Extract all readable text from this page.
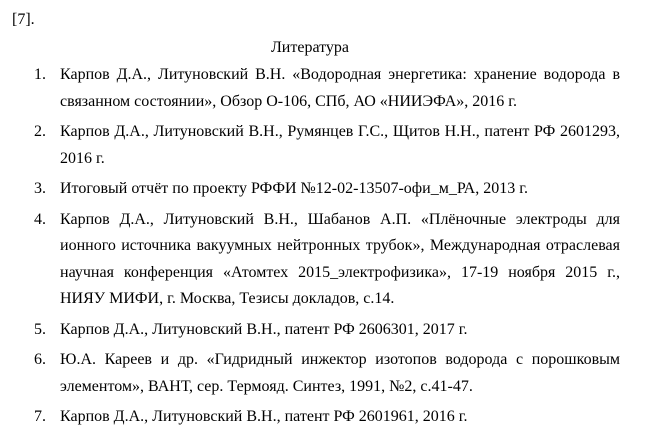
[7].
Литература
1. Карпов Д.А., Литуновский В.Н. «Водородная энергетика: хранение водорода в связанном состоянии», Обзор О-106, СПб, АО «НИИЭФА», 2016 г.
2. Карпов Д.А., Литуновский В.Н., Румянцев Г.С., Щитов Н.Н., патент РФ 2601293, 2016 г.
3. Итоговый отчёт по проекту РФФИ №12-02-13507-офи_м_РА, 2013 г.
4. Карпов Д.А., Литуновский В.Н., Шабанов А.П. «Плёночные электроды для ионного источника вакуумных нейтронных трубок», Международная отраслевая научная конференция «Атомтех 2015_электрофизика», 17-19 ноября 2015 г., НИЯУ МИФИ, г. Москва, Тезисы докладов, с.14.
5. Карпов Д.А., Литуновский В.Н., патент РФ 2606301, 2017 г.
6. Ю.А. Кареев и др. «Гидридный инжектор изотопов водорода с порошковым элементом», ВАНТ, сер. Термояд. Синтез, 1991, №2, с.41-47.
7. Карпов Д.А., Литуновский В.Н., патент РФ 2601961, 2016 г.
